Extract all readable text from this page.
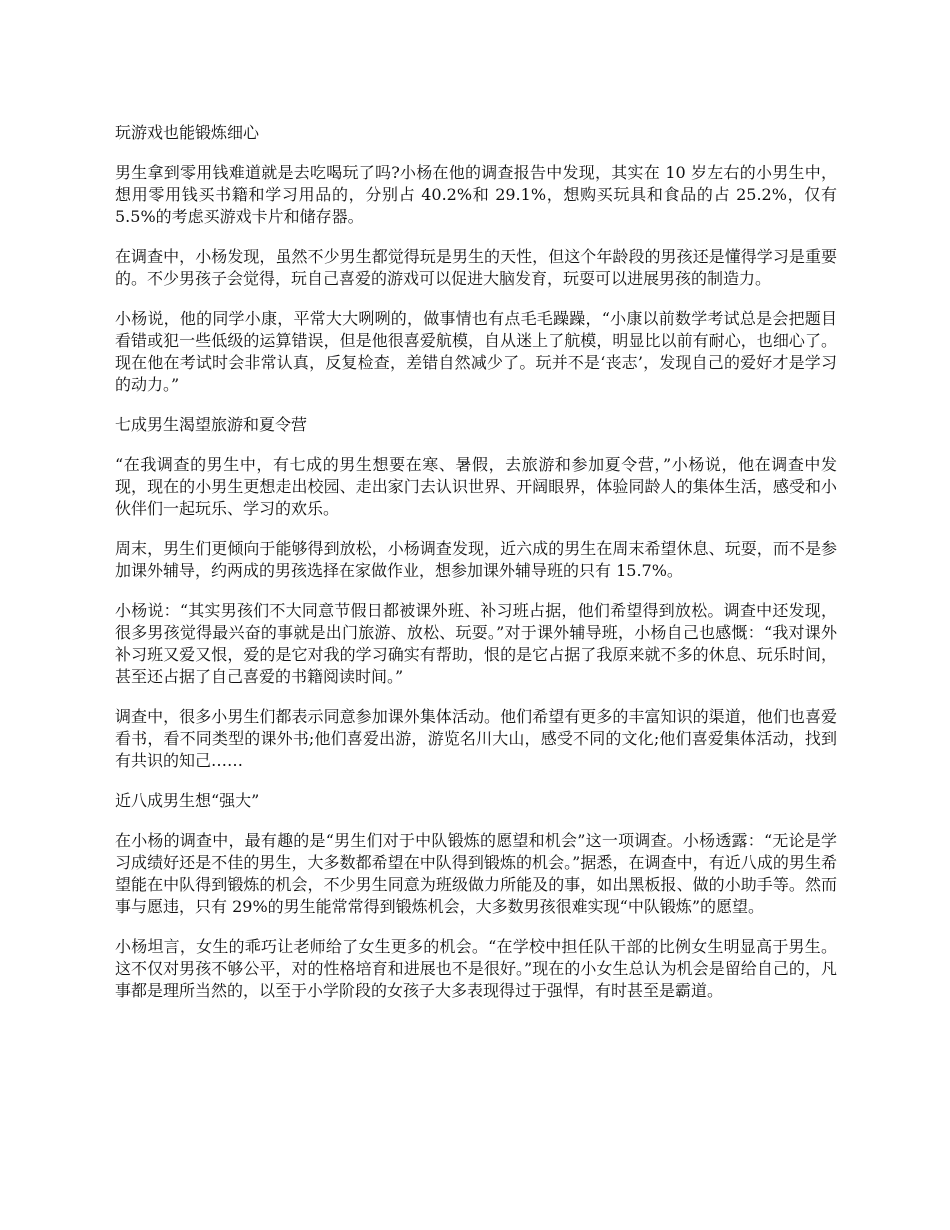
玩游戏也能锻炼细心

男生拿到零用钱难道就是去吃喝玩了吗?小杨在他的调查报告中发现，其实在 10 岁左右的小男生中，想用零用钱买书籍和学习用品的，分别占 40.2%和 29.1%，想购买玩具和食品的占 25.2%，仅有 5.5%的考虑买游戏卡片和储存器。

在调查中，小杨发现，虽然不少男生都觉得玩是男生的天性，但这个年龄段的男孩还是懂得学习是重要的。不少男孩子会觉得，玩自己喜爱的游戏可以促进大脑发育，玩耍可以进展男孩的制造力。

小杨说，他的同学小康，平常大大咧咧的，做事情也有点毛毛躁躁，“小康以前数学考试总是会把题目看错或犯一些低级的运算错误，但是他很喜爱航模，自从迷上了航模，明显比以前有耐心，也细心了。现在他在考试时会非常认真，反复检查，差错自然减少了。玩并不是‘丧志’，发现自己的爱好才是学习的动力。”

七成男生渴望旅游和夏令营

“在我调查的男生中，有七成的男生想要在寒、暑假，去旅游和参加夏令营，”小杨说，他在调查中发现，现在的小男生更想走出校园、走出家门去认识世界、开阔眼界，体验同龄人的集体生活，感受和小伙伴们一起玩乐、学习的欢乐。

周末，男生们更倾向于能够得到放松，小杨调查发现，近六成的男生在周末希望休息、玩耍，而不是参加课外辅导，约两成的男孩选择在家做作业，想参加课外辅导班的只有 15.7%。

小杨说：“其实男孩们不大同意节假日都被课外班、补习班占据，他们希望得到放松。调查中还发现，很多男孩觉得最兴奋的事就是出门旅游、放松、玩耍。”对于课外辅导班，小杨自己也感慨：“我对课外补习班又爱又恨，爱的是它对我的学习确实有帮助，恨的是它占据了我原来就不多的休息、玩乐时间，甚至还占据了自己喜爱的书籍阅读时间。”

调查中，很多小男生们都表示同意参加课外集体活动。他们希望有更多的丰富知识的渠道，他们也喜爱看书，看不同类型的课外书;他们喜爱出游，游览名川大山，感受不同的文化;他们喜爱集体活动，找到有共识的知己……

近八成男生想“强大”

在小杨的调查中，最有趣的是“男生们对于中队锻炼的愿望和机会”这一项调查。小杨透露：“无论是学习成绩好还是不佳的男生，大多数都希望在中队得到锻炼的机会。”据悉，在调查中，有近八成的男生希望能在中队得到锻炼的机会，不少男生同意为班级做力所能及的事，如出黑板报、做的小助手等。然而事与愿违，只有 29%的男生能常常得到锻炼机会，大多数男孩很难实现“中队锻炼”的愿望。

小杨坦言，女生的乖巧让老师给了女生更多的机会。“在学校中担任队干部的比例女生明显高于男生。这不仅对男孩不够公平，对的性格培育和进展也不是很好。”现在的小女生总认为机会是留给自己的，凡事都是理所当然的，以至于小学阶段的女孩子大多表现得过于强悍，有时甚至是霸道。
